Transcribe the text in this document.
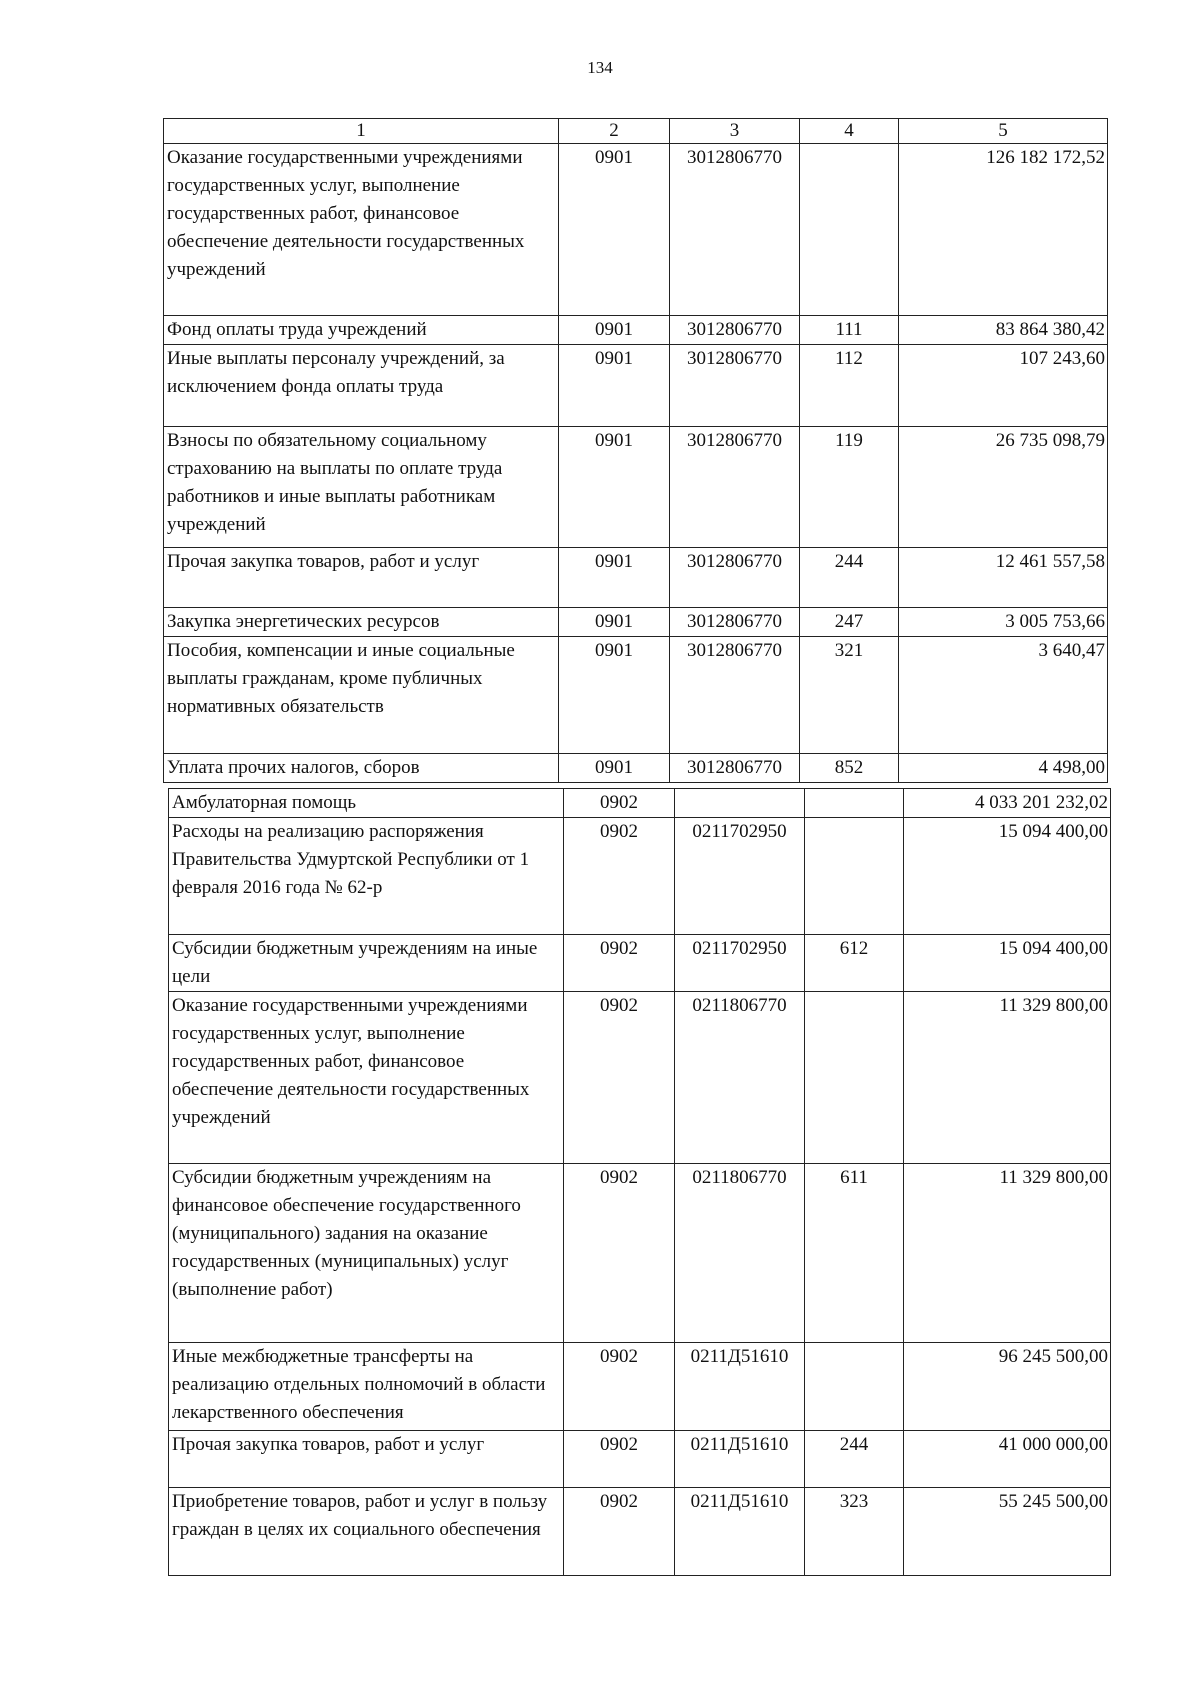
134
1	2	3	4	5
Оказание государственными учреждениями государственных услуг, выполнение государственных работ, финансовое обеспечение деятельности государственных учреждений	0901	3012806770		126 182 172,52
Фонд оплаты труда учреждений	0901	3012806770	111	83 864 380,42
Иные выплаты персоналу учреждений, за исключением фонда оплаты труда	0901	3012806770	112	107 243,60
Взносы по обязательному социальному страхованию на выплаты по оплате труда работников и иные выплаты работникам учреждений	0901	3012806770	119	26 735 098,79
Прочая закупка товаров, работ и услуг	0901	3012806770	244	12 461 557,58
Закупка энергетических ресурсов	0901	3012806770	247	3 005 753,66
Пособия, компенсации и иные социальные выплаты гражданам, кроме публичных нормативных обязательств	0901	3012806770	321	3 640,47
Уплата прочих налогов, сборов	0901	3012806770	852	4 498,00
Амбулаторная помощь	0902			4 033 201 232,02
Расходы на реализацию распоряжения Правительства Удмуртской Республики от 1 февраля 2016 года № 62-р	0902	0211702950		15 094 400,00
Субсидии бюджетным учреждениям на иные цели	0902	0211702950	612	15 094 400,00
Оказание государственными учреждениями государственных услуг, выполнение государственных работ, финансовое обеспечение деятельности государственных учреждений	0902	0211806770		11 329 800,00
Субсидии бюджетным учреждениям на финансовое обеспечение государственного (муниципального) задания на оказание государственных (муниципальных) услуг (выполнение работ)	0902	0211806770	611	11 329 800,00
Иные межбюджетные трансферты на реализацию отдельных полномочий в области лекарственного обеспечения	0902	0211Д51610		96 245 500,00
Прочая закупка товаров, работ и услуг	0902	0211Д51610	244	41 000 000,00
Приобретение товаров, работ и услуг в пользу граждан в целях их социального обеспечения	0902	0211Д51610	323	55 245 500,00
